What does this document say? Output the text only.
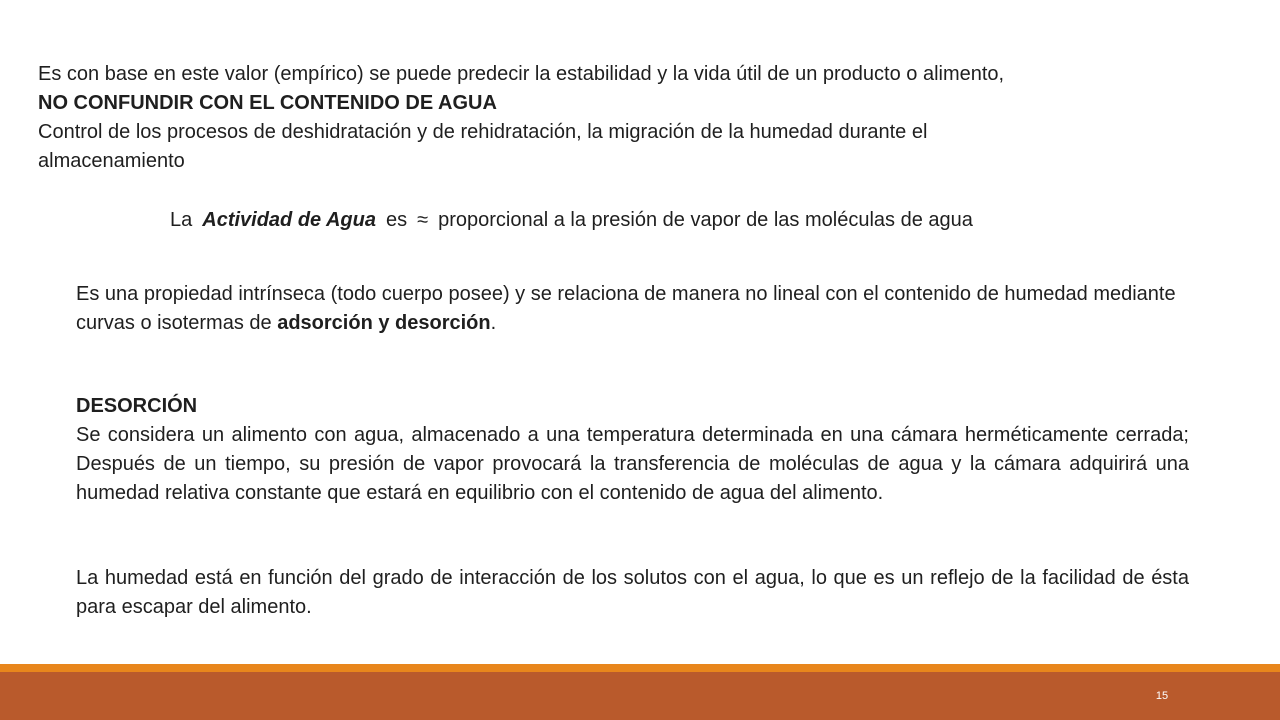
Es con base en este valor (empírico) se puede predecir la estabilidad y la vida útil de un producto o alimento,
NO CONFUNDIR CON EL CONTENIDO DE AGUA
Control de los procesos de deshidratación y de rehidratación, la migración de la humedad durante el
almacenamiento
La Actividad de Agua es ≈ proporcional a la presión de vapor de las moléculas de agua
Es una propiedad intrínseca (todo cuerpo posee) y se relaciona de manera no lineal con el contenido de humedad mediante curvas o isotermas de adsorción y desorción.
DESORCIÓN
Se considera un alimento con agua, almacenado a una temperatura determinada en una cámara herméticamente cerrada; Después de un tiempo, su presión de vapor provocará la transferencia de moléculas de agua y la cámara adquirirá una humedad relativa constante que estará en equilibrio con el contenido de agua del alimento.
La humedad está en función del grado de interacción de los solutos con el agua, lo que es un reflejo de la facilidad de ésta para escapar del alimento.
15
